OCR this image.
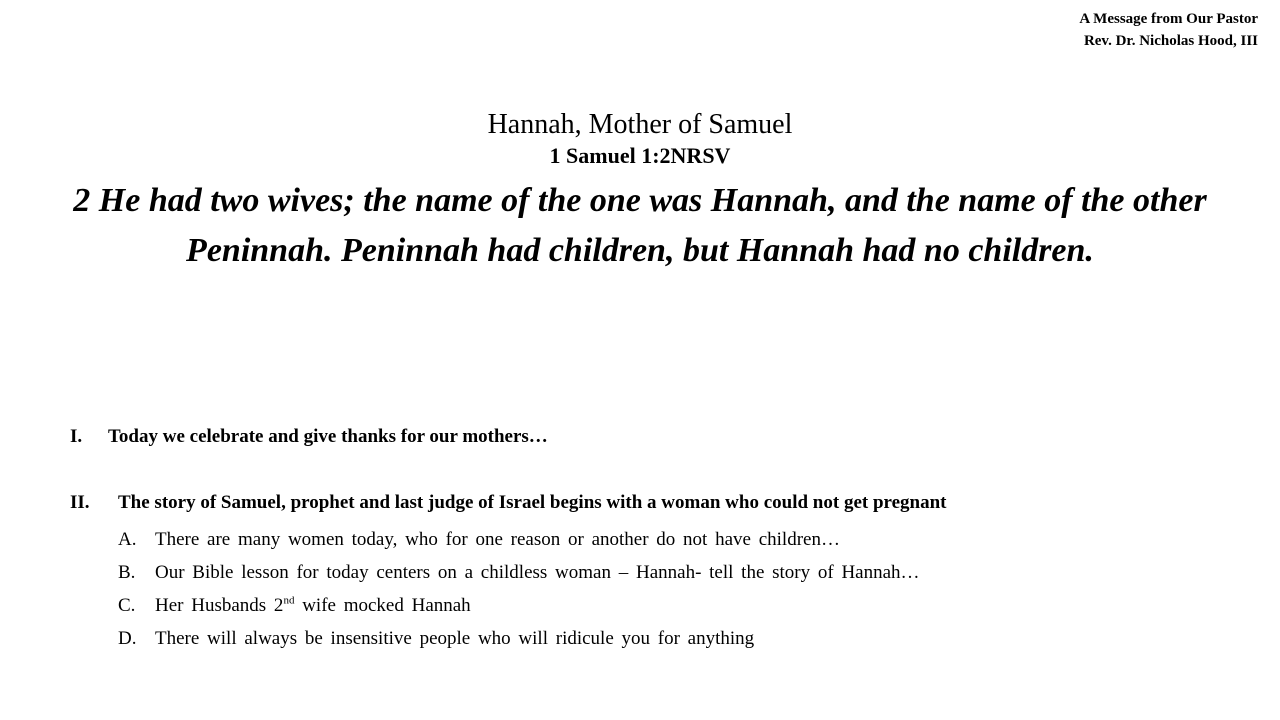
A Message from Our Pastor
Rev. Dr. Nicholas Hood, III
Hannah, Mother of Samuel
1 Samuel 1:2NRSV
2 He had two wives; the name of the one was Hannah, and the name of the other Peninnah. Peninnah had children, but Hannah had no children.
I.	Today we celebrate and give thanks for our mothers…
II.	The story of Samuel, prophet and last judge of Israel begins with a woman who could not get pregnant
A. There are many women today, who for one reason or another do not have children…
B.	Our Bible lesson for today centers on a childless woman – Hannah- tell the story of Hannah…
C.	Her Husbands 2nd wife mocked Hannah
D. There will always be insensitive people who will ridicule you for anything
